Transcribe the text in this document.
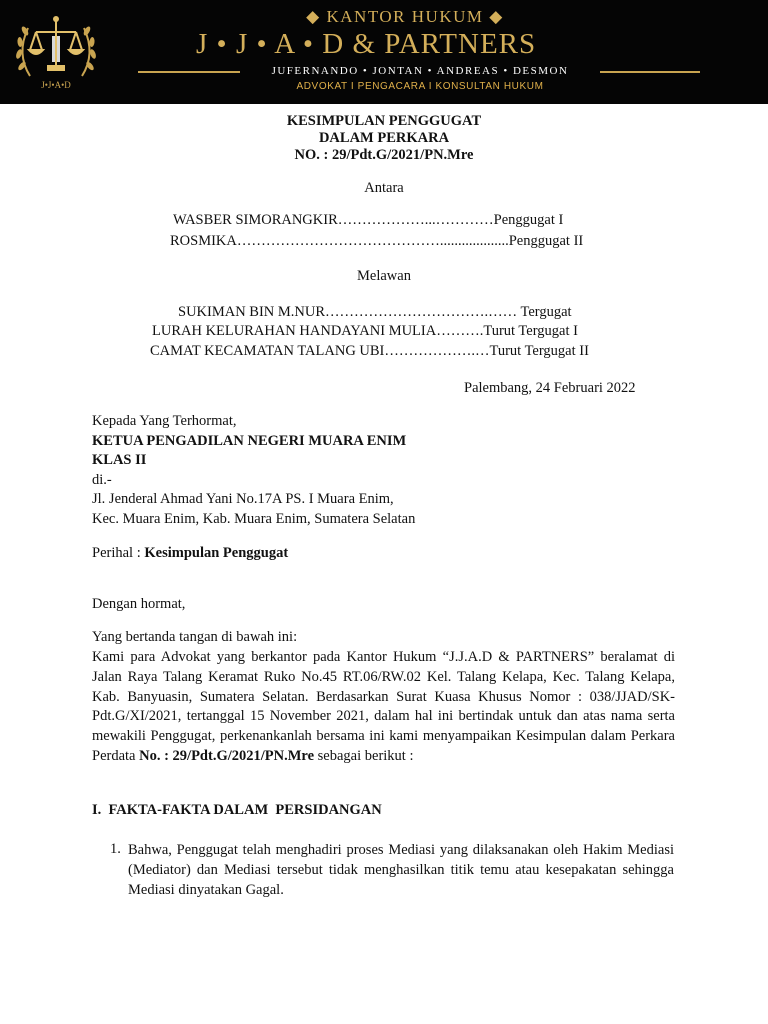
J•J•A•D
◆ KANTOR HUKUM ◆
J • J • A • D & PARTNERS
JUFERNANDO • JONTAN • ANDREAS • DESMON
ADVOKAT I PENGACARA I KONSULTAN HUKUM
KESIMPULAN PENGGUGAT
DALAM PERKARA
NO. : 29/Pdt.G/2021/PN.Mre
Antara
WASBER SIMORANGKIR………………...…………Penggugat I
ROSMIKA……………………………………...................Penggugat II
Melawan
SUKIMAN BIN M.NUR…………………………….…… Tergugat
LURAH KELURAHAN HANDAYANI MULIA……….Turut Tergugat I
CAMAT KECAMATAN TALANG UBI……………….…Turut Tergugat II
Palembang, 24 Februari 2022
Kepada Yang Terhormat,
KETUA PENGADILAN NEGERI MUARA ENIM
KLAS II
di.-
Jl. Jenderal Ahmad Yani No.17A PS. I Muara Enim,
Kec. Muara Enim, Kab. Muara Enim, Sumatera Selatan
Perihal : Kesimpulan Penggugat
Dengan hormat,
Yang bertanda tangan di bawah ini:
Kami para Advokat yang berkantor pada Kantor Hukum “J.J.A.D & PARTNERS” beralamat di Jalan Raya Talang Keramat Ruko No.45 RT.06/RW.02 Kel. Talang Kelapa, Kec. Talang Kelapa, Kab. Banyuasin, Sumatera Selatan. Berdasarkan Surat Kuasa Khusus Nomor : 038/JJAD/SK-Pdt.G/XI/2021, tertanggal 15 November 2021, dalam hal ini bertindak untuk dan atas nama serta mewakili Penggugat, perkenankanlah bersama ini kami menyampaikan Kesimpulan dalam Perkara Perdata No. : 29/Pdt.G/2021/PN.Mre sebagai berikut :
I.  FAKTA-FAKTA DALAM  PERSIDANGAN
1. Bahwa, Penggugat telah menghadiri proses Mediasi yang dilaksanakan oleh Hakim Mediasi (Mediator) dan Mediasi tersebut tidak menghasilkan titik temu atau kesepakatan sehingga Mediasi dinyatakan Gagal.
